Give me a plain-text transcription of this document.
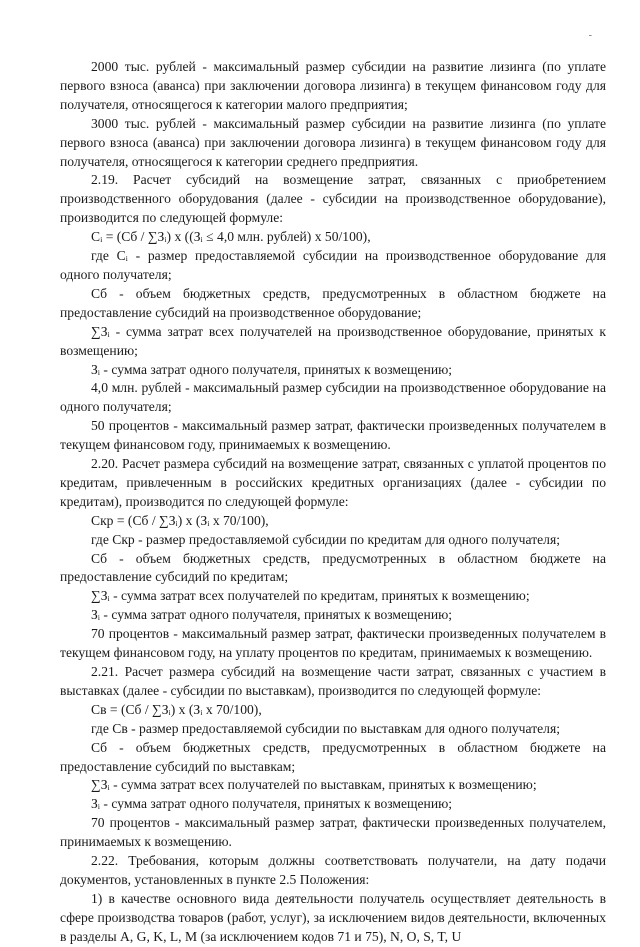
-

2000 тыс. рублей - максимальный размер субсидии на развитие лизинга (по уплате первого взноса (аванса) при заключении договора лизинга) в текущем финансовом году для получателя, относящегося к категории малого предприятия;

3000 тыс. рублей - максимальный размер субсидии на развитие лизинга (по уплате первого взноса (аванса) при заключении договора лизинга) в текущем финансовом году для получателя, относящегося к категории среднего предприятия.

2.19. Расчет субсидий на возмещение затрат, связанных с приобретением производственного оборудования (далее - субсидии на производственное оборудование), производится по следующей формуле:

Cᵢ = (Cб / ∑Зᵢ) x ((Зᵢ ≤ 4,0 млн. рублей) x 50/100),

где Cᵢ - размер предоставляемой субсидии на производственное оборудование для одного получателя;

Cб - объем бюджетных средств, предусмотренных в областном бюджете на предоставление субсидий на производственное оборудование;

∑Зᵢ - сумма затрат всех получателей на производственное оборудование, принятых к возмещению;

Зᵢ - сумма затрат одного получателя, принятых к возмещению;

4,0 млн. рублей - максимальный размер субсидии на производственное оборудование на одного получателя;

50 процентов - максимальный размер затрат, фактически произведенных получателем в текущем финансовом году, принимаемых к возмещению.

2.20. Расчет размера субсидий на возмещение затрат, связанных с уплатой процентов по кредитам, привлеченным в российских кредитных организациях (далее - субсидии по кредитам), производится по следующей формуле:

Cкр = (Cб / ∑Зᵢ) x (Зᵢ x 70/100),

где Cкр - размер предоставляемой субсидии по кредитам для одного получателя;

Cб - объем бюджетных средств, предусмотренных в областном бюджете на предоставление субсидий по кредитам;

∑Зᵢ - сумма затрат всех получателей по кредитам, принятых к возмещению;

Зᵢ - сумма затрат одного получателя, принятых к возмещению;

70 процентов - максимальный размер затрат, фактически произведенных получателем в текущем финансовом году, на уплату процентов по кредитам, принимаемых к возмещению.

2.21. Расчет размера субсидий на возмещение части затрат, связанных с участием в выставках (далее - субсидии по выставкам), производится по следующей формуле:

Cв = (Cб / ∑Зᵢ) x (Зᵢ x 70/100),

где Cв - размер предоставляемой субсидии по выставкам для одного получателя;

Cб - объем бюджетных средств, предусмотренных в областном бюджете на предоставление субсидий по выставкам;

∑Зᵢ - сумма затрат всех получателей по выставкам, принятых к возмещению;

Зᵢ - сумма затрат одного получателя, принятых к возмещению;

70 процентов - максимальный размер затрат, фактически произведенных получателем, принимаемых к возмещению.

2.22. Требования, которым должны соответствовать получатели, на дату подачи документов, установленных в пункте 2.5 Положения:

1) в качестве основного вида деятельности получатель осуществляет деятельность в сфере производства товаров (работ, услуг), за исключением видов деятельности, включенных в разделы A, G, K, L, M (за исключением кодов 71 и 75), N, O, S, T, U
